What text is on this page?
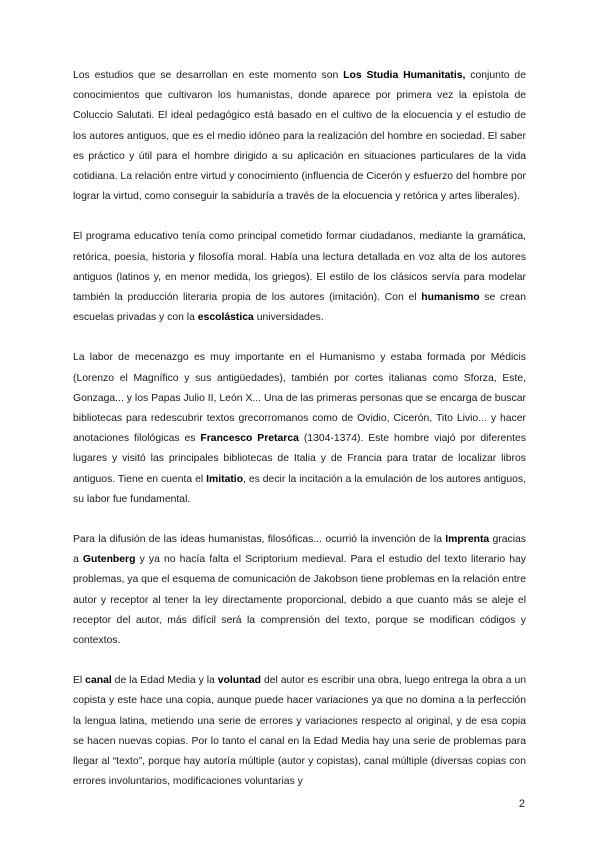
Los estudios que se desarrollan en este momento son Los Studia Humanitatis, conjunto de conocimientos que cultivaron los humanistas, donde aparece por primera vez la epístola de Coluccio Salutati. El ideal pedagógico está basado en el cultivo de la elocuencia y el estudio de los autores antiguos, que es el medio idóneo para la realización del hombre en sociedad. El saber es práctico y útil para el hombre dirigido a su aplicación en situaciones particulares de la vida cotidiana. La relación entre virtud y conocimiento (influencia de Cicerón y esfuerzo del hombre por lograr la virtud, como conseguir la sabiduría a través de la elocuencia y retórica y artes liberales).

El programa educativo tenía como principal cometido formar ciudadanos, mediante la gramática, retórica, poesía, historia y filosofía moral. Había una lectura detallada en voz alta de los autores antiguos (latinos y, en menor medida, los griegos). El estilo de los clásicos servía para modelar también la producción literaria propia de los autores (imitación). Con el humanismo se crean escuelas privadas y con la escolástica universidades.

La labor de mecenazgo es muy importante en el Humanismo y estaba formada por Médicis (Lorenzo el Magnífico y sus antigüedades), también por cortes italianas como Sforza, Este, Gonzaga... y los Papas Julio II, León X... Una de las primeras personas que se encarga de buscar bibliotecas para redescubrir textos grecorromanos como de Ovidio, Cicerón, Tito Livio... y hacer anotaciones filológicas es Francesco Pretarca (1304-1374). Este hombre viajó por diferentes lugares y visitó las principales bibliotecas de Italia y de Francia para tratar de localizar libros antiguos. Tiene en cuenta el Imitatio, es decir la incitación a la emulación de los autores antiguos, su labor fue fundamental.

Para la difusión de las ideas humanistas, filosóficas... ocurrió la invención de la Imprenta gracias a Gutenberg y ya no hacía falta el Scriptorium medieval. Para el estudio del texto literario hay problemas, ya que el esquema de comunicación de Jakobson tiene problemas en la relación entre autor y receptor al tener la ley directamente proporcional, debido a que cuanto más se aleje el receptor del autor, más difícil será la comprensión del texto, porque se modifican códigos y contextos.

El canal de la Edad Media y la voluntad del autor es escribir una obra, luego entrega la obra a un copista y este hace una copia, aunque puede hacer variaciones ya que no domina a la perfección la lengua latina, metiendo una serie de errores y variaciones respecto al original, y de esa copia se hacen nuevas copias. Por lo tanto el canal en la Edad Media hay una serie de problemas para llegar al “texto”, porque hay autoría múltiple (autor y copistas), canal múltiple (diversas copias con errores involuntarios, modificaciones voluntarias y

2
